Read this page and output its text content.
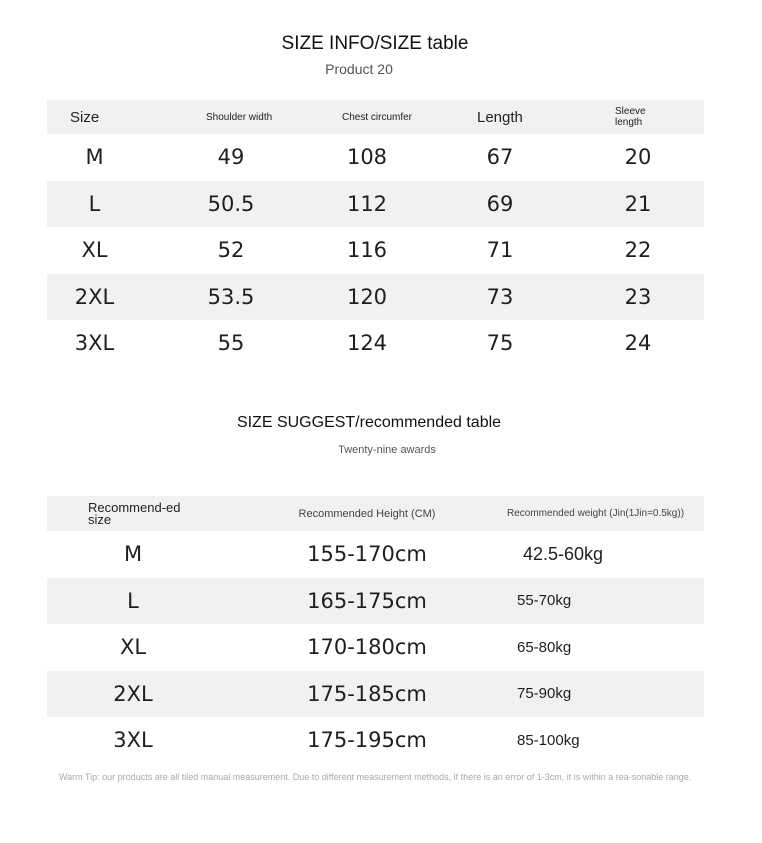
SIZE INFO/SIZE table
Product 20
Size	Shoulder width	Chest circumfer	Length	Sleeve length
M	49	108	67	20
L	50.5	112	69	21
XL	52	116	71	22
2XL	53.5	120	73	23
3XL	55	124	75	24
SIZE SUGGEST/recommended table
Twenty-nine awards
Recommend-ed size	Recommended Height (CM)	Recommended weight (Jin(1Jin=0.5kg))
M	155-170cm	42.5-60kg
L	165-175cm	55-70kg
XL	170-180cm	65-80kg
2XL	175-185cm	75-90kg
3XL	175-195cm	85-100kg
Warm Tip: our products are all tiled manual measurement. Due to different measurement methods, if there is an error of 1-3cm, it is within a rea-sonable range.
